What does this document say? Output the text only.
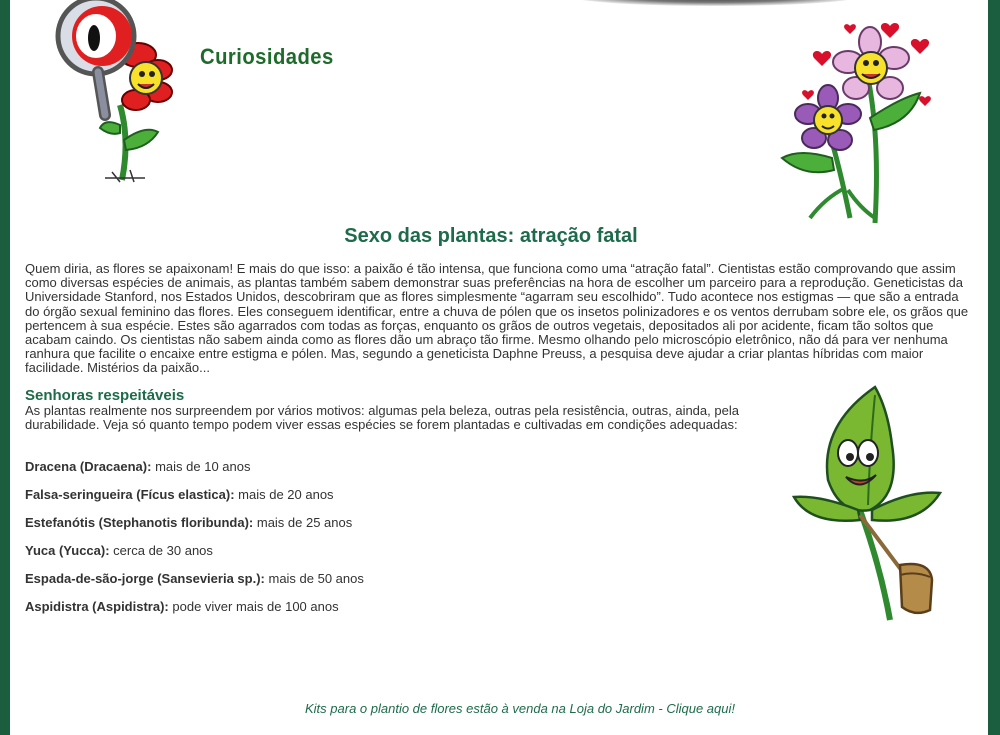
Curiosidades
Sexo das plantas: atração fatal
Quem diria, as flores se apaixonam! E mais do que isso: a paixão é tão intensa, que funciona como uma “atração fatal”. Cientistas estão comprovando que assim como diversas espécies de animais, as plantas também sabem demonstrar suas preferências na hora de escolher um parceiro para a reprodução. Geneticistas da Universidade Stanford, nos Estados Unidos, descobriram que as flores simplesmente “agarram seu escolhido”. Tudo acontece nos estigmas — que são a entrada do órgão sexual feminino das flores. Eles conseguem identificar, entre a chuva de pólen que os insetos polinizadores e os ventos derrubam sobre ele, os grãos que pertencem à sua espécie. Estes são agarrados com todas as forças, enquanto os grãos de outros vegetais, depositados ali por acidente, ficam tão soltos que acabam caindo. Os cientistas não sabem ainda como as flores dão um abraço tão firme. Mesmo olhando pelo microscópio eletrônico, não dá para ver nenhuma ranhura que facilite o encaixe entre estigma e pólen. Mas, segundo a geneticista Daphne Preuss, a pesquisa deve ajudar a criar plantas híbridas com maior facilidade. Mistérios da paixão...
Senhoras respeitáveis
As plantas realmente nos surpreendem por vários motivos: algumas pela beleza, outras pela resistência, outras, ainda, pela durabilidade. Veja só quanto tempo podem viver essas espécies se forem plantadas e cultivadas em condições adequadas:
Dracena (Dracaena): mais de 10 anos
Falsa-seringueira (Fícus elastica): mais de 20 anos
Estefanótis (Stephanotis floribunda): mais de 25 anos
Yuca (Yucca): cerca de 30 anos
Espada-de-são-jorge (Sansevieria sp.): mais de 50 anos
Aspidistra (Aspidistra): pode viver mais de 100 anos
Kits para o plantio de flores estão à venda na Loja do Jardim - Clique aqui!
